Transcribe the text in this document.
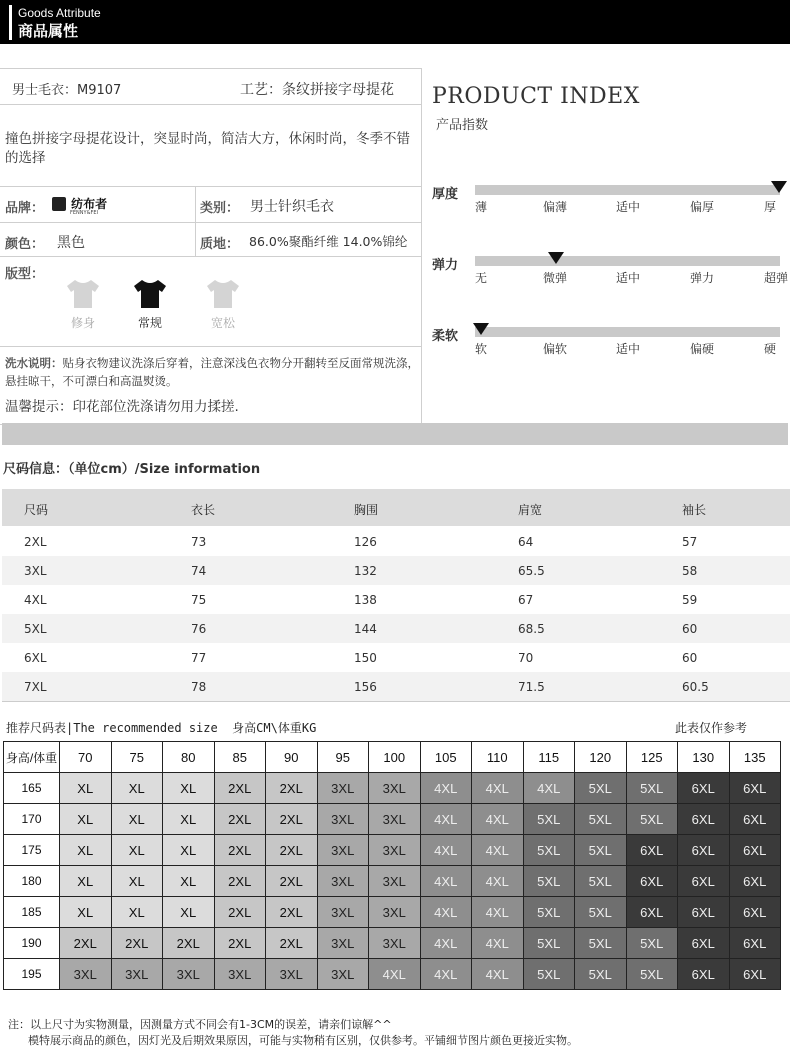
Goods Attribute
商品属性
男士毛衣：M9107	工艺：条纹拼接字母提花
撞色拼接字母提花设计，突显时尚，简洁大方，休闲时尚，冬季不错的选择
品牌：	纺布者
FENNY&FEI	类别： 男士针织毛衣
颜色： 黑色	质地： 86.0%聚酯纤维 14.0%锦纶
版型：
修身	常规	宽松
洗水说明：贴身衣物建议洗涤后穿着，注意深浅色衣物分开翻转至反面常规洗涤，悬挂晾干，不可漂白和高温熨烫。
温馨提示：印花部位洗涤请勿用力揉搓.
PRODUCT INDEX
产品指数
厚度
薄	偏薄	适中	偏厚	厚
弹力
无	微弹	适中	弹力	超弹
柔软
软	偏软	适中	偏硬	硬
尺码信息：（单位cm）/Size information
尺码	衣长	胸围	肩宽	袖长
2XL	73	126	64	57
3XL	74	132	65.5	58
4XL	75	138	67	59
5XL	76	144	68.5	60
6XL	77	150	70	60
7XL	78	156	71.5	60.5
推荐尺码表|The recommended size  身高CM\体重KG	此表仅作参考
身高/体重	70	75	80	85	90	95	100	105	110	115	120	125	130	135
165	XL	XL	XL	2XL	2XL	3XL	3XL	4XL	4XL	4XL	5XL	5XL	6XL	6XL
170	XL	XL	XL	2XL	2XL	3XL	3XL	4XL	4XL	5XL	5XL	5XL	6XL	6XL
175	XL	XL	XL	2XL	2XL	3XL	3XL	4XL	4XL	5XL	5XL	6XL	6XL	6XL
180	XL	XL	XL	2XL	2XL	3XL	3XL	4XL	4XL	5XL	5XL	6XL	6XL	6XL
185	XL	XL	XL	2XL	2XL	3XL	3XL	4XL	4XL	5XL	5XL	6XL	6XL	6XL
190	2XL	2XL	2XL	2XL	2XL	3XL	3XL	4XL	4XL	5XL	5XL	5XL	6XL	6XL
195	3XL	3XL	3XL	3XL	3XL	3XL	4XL	4XL	4XL	5XL	5XL	5XL	6XL	6XL
注：以上尺寸为实物测量，因测量方式不同会有1-3CM的误差，请亲们谅解^^
模特展示商品的颜色，因灯光及后期效果原因，可能与实物稍有区别，仅供参考。平铺细节图片颜色更接近实物。
